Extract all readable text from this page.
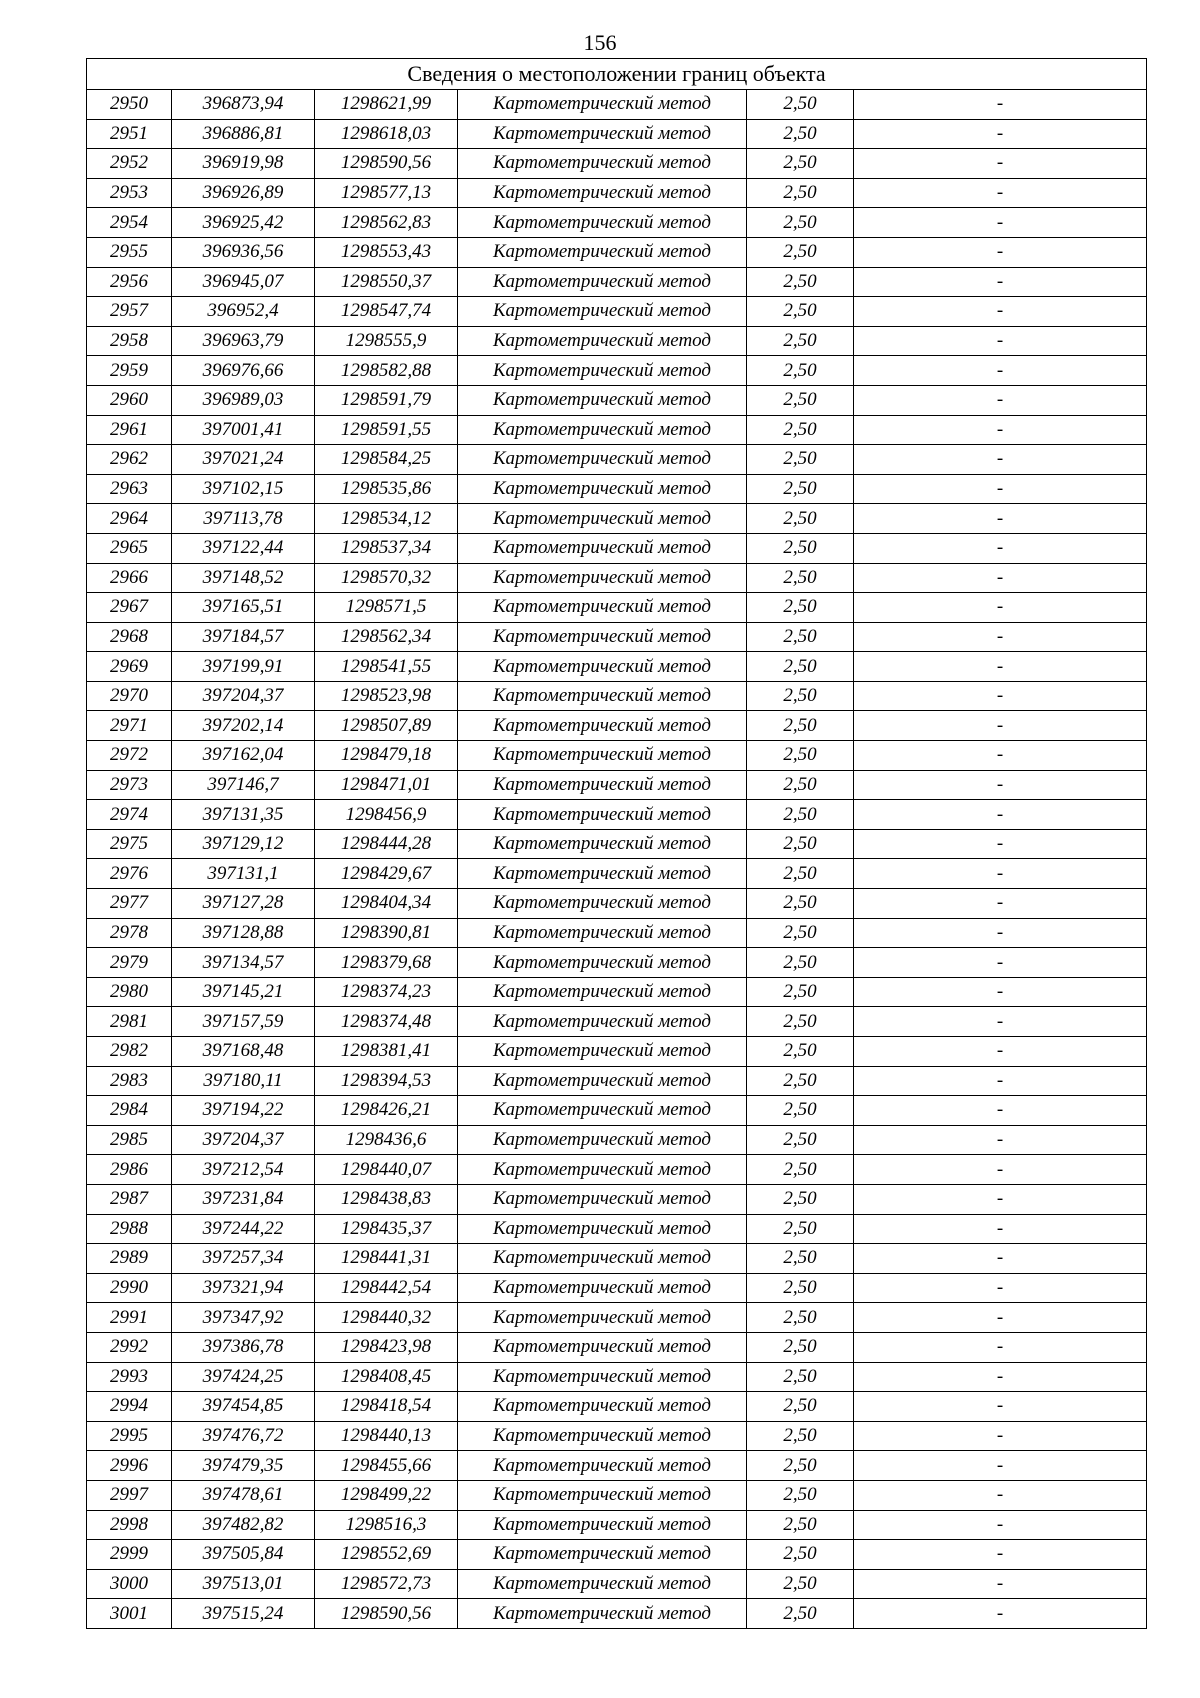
156
Сведения о местоположении границ объекта					
2950	396873,94	1298621,99	Картометрический метод	2,50	-
2951	396886,81	1298618,03	Картометрический метод	2,50	-
2952	396919,98	1298590,56	Картометрический метод	2,50	-
2953	396926,89	1298577,13	Картометрический метод	2,50	-
2954	396925,42	1298562,83	Картометрический метод	2,50	-
2955	396936,56	1298553,43	Картометрический метод	2,50	-
2956	396945,07	1298550,37	Картометрический метод	2,50	-
2957	396952,4	1298547,74	Картометрический метод	2,50	-
2958	396963,79	1298555,9	Картометрический метод	2,50	-
2959	396976,66	1298582,88	Картометрический метод	2,50	-
2960	396989,03	1298591,79	Картометрический метод	2,50	-
2961	397001,41	1298591,55	Картометрический метод	2,50	-
2962	397021,24	1298584,25	Картометрический метод	2,50	-
2963	397102,15	1298535,86	Картометрический метод	2,50	-
2964	397113,78	1298534,12	Картометрический метод	2,50	-
2965	397122,44	1298537,34	Картометрический метод	2,50	-
2966	397148,52	1298570,32	Картометрический метод	2,50	-
2967	397165,51	1298571,5	Картометрический метод	2,50	-
2968	397184,57	1298562,34	Картометрический метод	2,50	-
2969	397199,91	1298541,55	Картометрический метод	2,50	-
2970	397204,37	1298523,98	Картометрический метод	2,50	-
2971	397202,14	1298507,89	Картометрический метод	2,50	-
2972	397162,04	1298479,18	Картометрический метод	2,50	-
2973	397146,7	1298471,01	Картометрический метод	2,50	-
2974	397131,35	1298456,9	Картометрический метод	2,50	-
2975	397129,12	1298444,28	Картометрический метод	2,50	-
2976	397131,1	1298429,67	Картометрический метод	2,50	-
2977	397127,28	1298404,34	Картометрический метод	2,50	-
2978	397128,88	1298390,81	Картометрический метод	2,50	-
2979	397134,57	1298379,68	Картометрический метод	2,50	-
2980	397145,21	1298374,23	Картометрический метод	2,50	-
2981	397157,59	1298374,48	Картометрический метод	2,50	-
2982	397168,48	1298381,41	Картометрический метод	2,50	-
2983	397180,11	1298394,53	Картометрический метод	2,50	-
2984	397194,22	1298426,21	Картометрический метод	2,50	-
2985	397204,37	1298436,6	Картометрический метод	2,50	-
2986	397212,54	1298440,07	Картометрический метод	2,50	-
2987	397231,84	1298438,83	Картометрический метод	2,50	-
2988	397244,22	1298435,37	Картометрический метод	2,50	-
2989	397257,34	1298441,31	Картометрический метод	2,50	-
2990	397321,94	1298442,54	Картометрический метод	2,50	-
2991	397347,92	1298440,32	Картометрический метод	2,50	-
2992	397386,78	1298423,98	Картометрический метод	2,50	-
2993	397424,25	1298408,45	Картометрический метод	2,50	-
2994	397454,85	1298418,54	Картометрический метод	2,50	-
2995	397476,72	1298440,13	Картометрический метод	2,50	-
2996	397479,35	1298455,66	Картометрический метод	2,50	-
2997	397478,61	1298499,22	Картометрический метод	2,50	-
2998	397482,82	1298516,3	Картометрический метод	2,50	-
2999	397505,84	1298552,69	Картометрический метод	2,50	-
3000	397513,01	1298572,73	Картометрический метод	2,50	-
3001	397515,24	1298590,56	Картометрический метод	2,50	-
